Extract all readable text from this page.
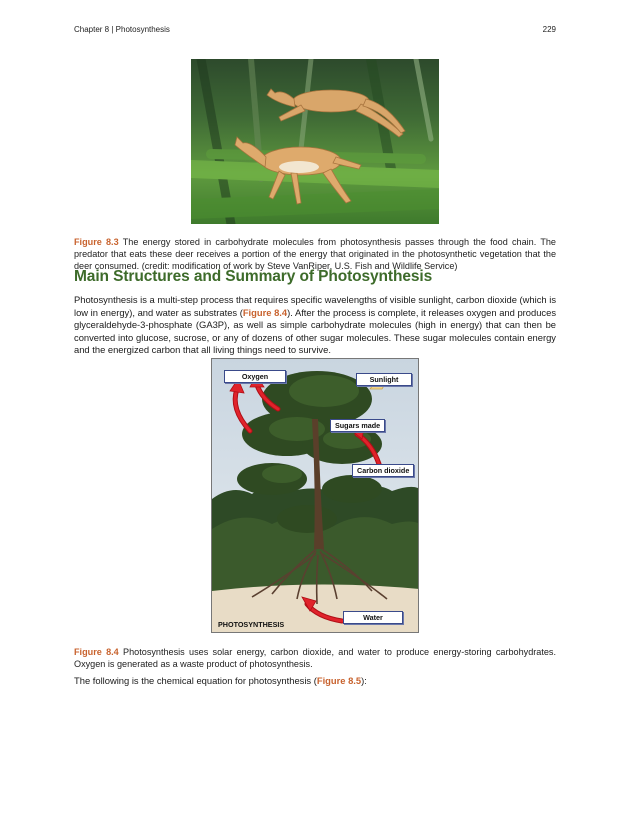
Chapter 8 | Photosynthesis	229

Figure 8.3 The energy stored in carbohydrate molecules from photosynthesis passes through the food chain. The predator that eats these deer receives a portion of the energy that originated in the photosynthetic vegetation that the deer consumed. (credit: modification of work by Steve VanRiper, U.S. Fish and Wildlife Service)

Main Structures and Summary of Photosynthesis

Photosynthesis is a multi-step process that requires specific wavelengths of visible sunlight, carbon dioxide (which is low in energy), and water as substrates (Figure 8.4). After the process is complete, it releases oxygen and produces glyceraldehyde-3-phosphate (GA3P), as well as simple carbohydrate molecules (high in energy) that can then be converted into glucose, sucrose, or any of dozens of other sugar molecules. These sugar molecules contain energy and the energized carbon that all living things need to survive.

Oxygen	Sunlight
Sugars made
Carbon dioxide
Water
PHOTOSYNTHESIS

Figure 8.4 Photosynthesis uses solar energy, carbon dioxide, and water to produce energy-storing carbohydrates. Oxygen is generated as a waste product of photosynthesis.

The following is the chemical equation for photosynthesis (Figure 8.5):
